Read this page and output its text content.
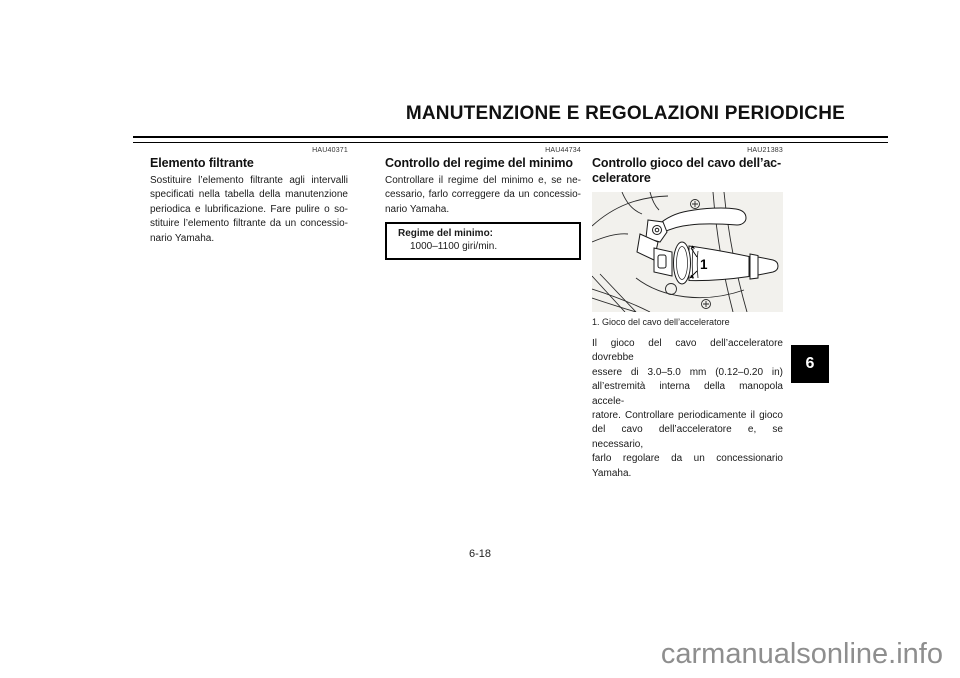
MANUTENZIONE E REGOLAZIONI PERIODICHE
HAU40371
Elemento filtrante
Sostituire l’elemento filtrante agli intervalli
specificati nella tabella della manutenzione
periodica e lubrificazione. Fare pulire o so-
stituire l’elemento filtrante da un concessio-
nario Yamaha.
HAU44734
Controllo del regime del minimo
Controllare il regime del minimo e, se ne-
cessario, farlo correggere da un concessio-
nario Yamaha.
Regime del minimo:
1000–1100 giri/min.
HAU21383
Controllo gioco del cavo dell’ac-
celeratore
1
1. Gioco del cavo dell’acceleratore
Il gioco del cavo dell’acceleratore dovrebbe
essere di 3.0–5.0 mm (0.12–0.20 in)
all’estremità interna della manopola accele-
ratore. Controllare periodicamente il gioco
del cavo dell’acceleratore e, se necessario,
farlo regolare da un concessionario
Yamaha.
6
6-18
carmanualsonline.info
